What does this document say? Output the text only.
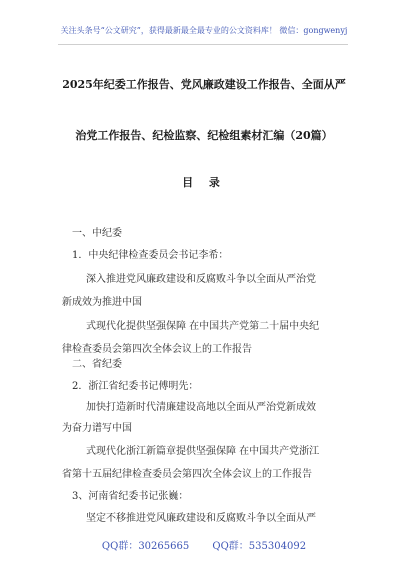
关注头条号“公文研究”，获得最新最全最专业的公文资料库！ 微信：gongwenyj
2025年纪委工作报告、党风廉政建设工作报告、全面从严
治党工作报告、纪检监察、纪检组素材汇编（20篇）
目 录
一、中纪委
1．中央纪律检查委员会书记李希：
深入推进党风廉政建设和反腐败斗争以全面从严治党
新成效为推进中国
式现代化提供坚强保障 在中国共产党第二十届中央纪
律检查委员会第四次全体会议上的工作报告
二、省纪委
2．浙江省纪委书记傅明先：
加快打造新时代清廉建设高地以全面从严治党新成效
为奋力谱写中国
式现代化浙江新篇章提供坚强保障 在中国共产党浙江
省第十五届纪律检查委员会第四次全体会议上的工作报告
3、河南省纪委书记张巍：
坚定不移推进党风廉政建设和反腐败斗争以全面从严
QQ群：30265665 QQ群：535304092
